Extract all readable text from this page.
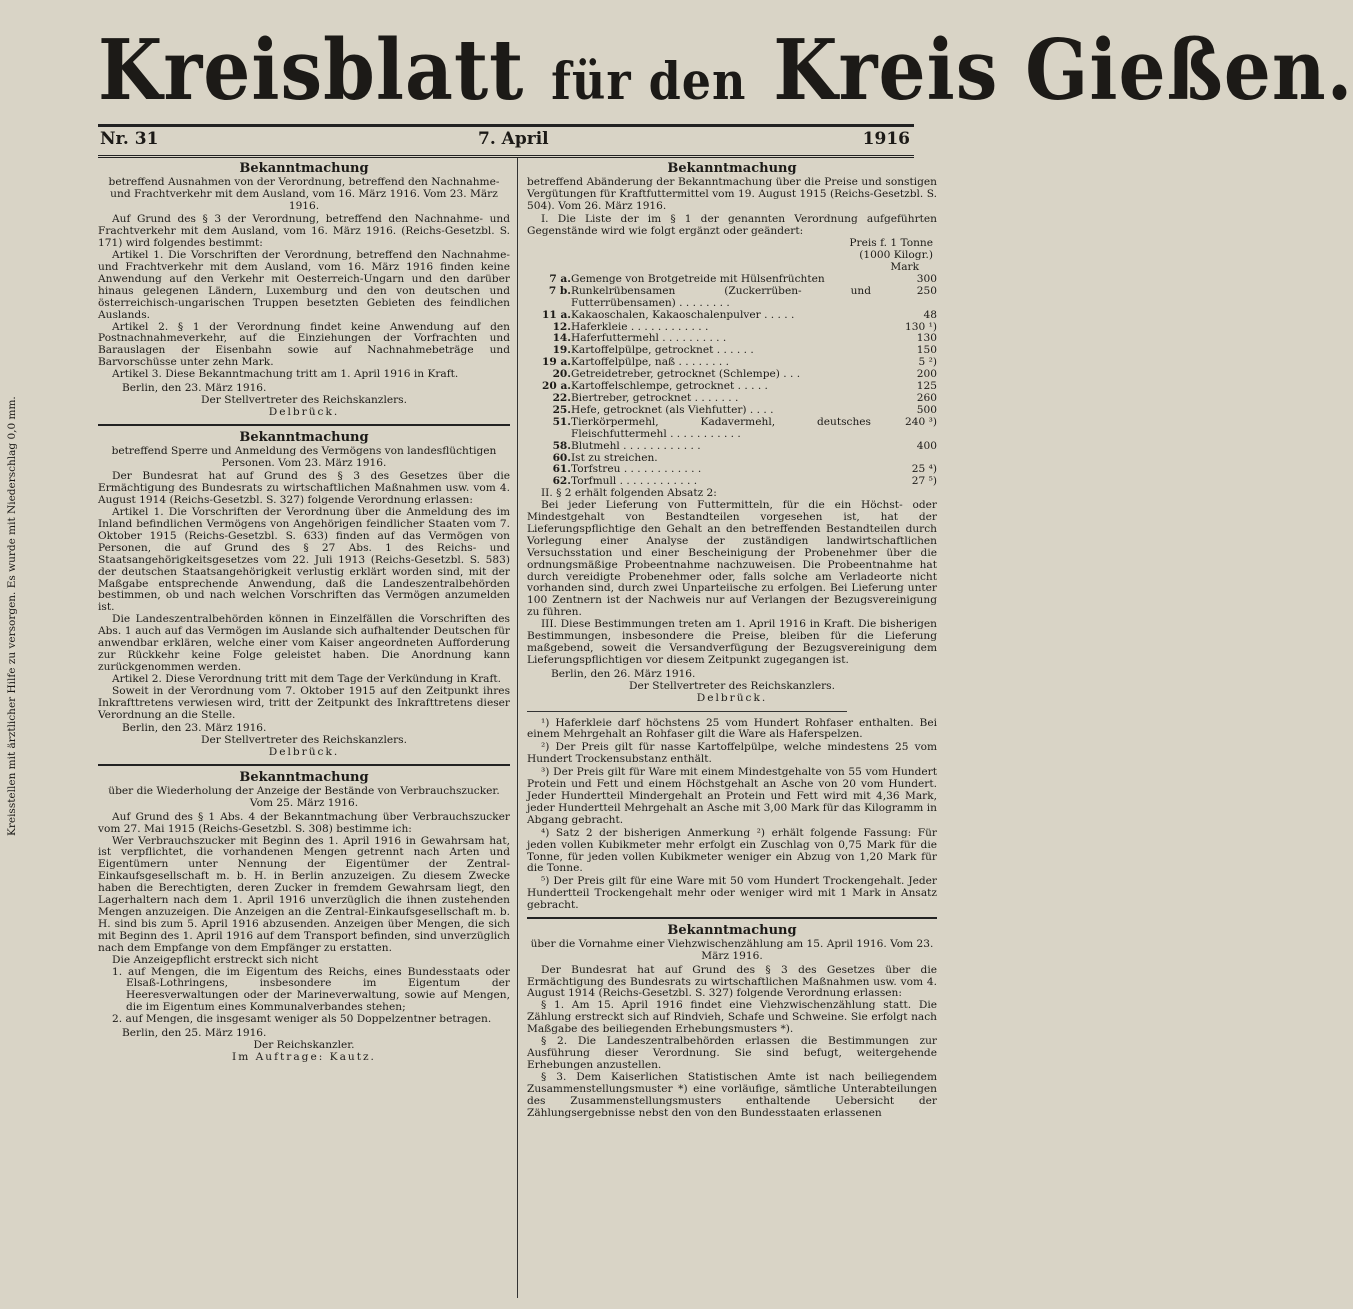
Kreisstellen mit ärztlicher Hilfe zu versorgen. Es wurde mit Niederschlag 0,0 mm.
Kreisblatt für den Kreis Gießen.
Nr. 31	7. April	1916
Bekanntmachung
betreffend Ausnahmen von der Verordnung, betreffend den Nachnahme- und Frachtverkehr mit dem Ausland, vom 16. März 1916. Vom 23. März 1916.

Auf Grund des § 3 der Verordnung, betreffend den Nachnahme- und Frachtverkehr mit dem Ausland, vom 16. März 1916. (Reichs-Gesetzbl. S. 171) wird folgendes bestimmt:

Artikel 1. Die Vorschriften der Verordnung, betreffend den Nachnahme- und Frachtverkehr mit dem Ausland, vom 16. März 1916 finden keine Anwendung auf den Verkehr mit Oesterreich-Ungarn und den darüber hinaus gelegenen Ländern, Luxemburg und den von deutschen und österreichisch-ungarischen Truppen besetzten Gebieten des feindlichen Auslands.

Artikel 2. § 1 der Verordnung findet keine Anwendung auf den Postnachnahmeverkehr, auf die Einziehungen der Vorfrachten und Barauslagen der Eisenbahn sowie auf Nachnahmebeträge und Barvorschüsse unter zehn Mark.

Artikel 3. Diese Bekanntmachung tritt am 1. April 1916 in Kraft.

Berlin, den 23. März 1916.

Der Stellvertreter des Reichskanzlers.

Delbrück.

Bekanntmachung
betreffend Sperre und Anmeldung des Vermögens von landesflüchtigen Personen. Vom 23. März 1916.

Der Bundesrat hat auf Grund des § 3 des Gesetzes über die Ermächtigung des Bundesrats zu wirtschaftlichen Maßnahmen usw. vom 4. August 1914 (Reichs-Gesetzbl. S. 327) folgende Verordnung erlassen:

Artikel 1. Die Vorschriften der Verordnung über die Anmeldung des im Inland befindlichen Vermögens von Angehörigen feindlicher Staaten vom 7. Oktober 1915 (Reichs-Gesetzbl. S. 633) finden auf das Vermögen von Personen, die auf Grund des § 27 Abs. 1 des Reichs- und Staatsangehörigkeitsgesetzes vom 22. Juli 1913 (Reichs-Gesetzbl. S. 583) der deutschen Staatsangehörigkeit verlustig erklärt worden sind, mit der Maßgabe entsprechende Anwendung, daß die Landeszentralbehörden bestimmen, ob und nach welchen Vorschriften das Vermögen anzumelden ist.

Die Landeszentralbehörden können in Einzelfällen die Vorschriften des Abs. 1 auch auf das Vermögen im Auslande sich aufhaltender Deutschen für anwendbar erklären, welche einer vom Kaiser angeordneten Aufforderung zur Rückkehr keine Folge geleistet haben. Die Anordnung kann zurückgenommen werden.

Artikel 2. Diese Verordnung tritt mit dem Tage der Verkündung in Kraft.

Soweit in der Verordnung vom 7. Oktober 1915 auf den Zeitpunkt ihres Inkrafttretens verwiesen wird, tritt der Zeitpunkt des Inkrafttretens dieser Verordnung an die Stelle.

Berlin, den 23. März 1916.

Der Stellvertreter des Reichskanzlers.

Delbrück.

Bekanntmachung
über die Wiederholung der Anzeige der Bestände von Verbrauchszucker. Vom 25. März 1916.

Auf Grund des § 1 Abs. 4 der Bekanntmachung über Verbrauchszucker vom 27. Mai 1915 (Reichs-Gesetzbl. S. 308) bestimme ich:

Wer Verbrauchszucker mit Beginn des 1. April 1916 in Gewahrsam hat, ist verpflichtet, die vorhandenen Mengen getrennt nach Arten und Eigentümern unter Nennung der Eigentümer der Zentral-Einkaufsgesellschaft m. b. H. in Berlin anzuzeigen. Zu diesem Zwecke haben die Berechtigten, deren Zucker in fremdem Gewahrsam liegt, den Lagerhaltern nach dem 1. April 1916 unverzüglich die ihnen zustehenden Mengen anzuzeigen. Die Anzeigen an die Zentral-Einkaufsgesellschaft m. b. H. sind bis zum 5. April 1916 abzusenden. Anzeigen über Mengen, die sich mit Beginn des 1. April 1916 auf dem Transport befinden, sind unverzüglich nach dem Empfange von dem Empfänger zu erstatten.

Die Anzeigepflicht erstreckt sich nicht

1. auf Mengen, die im Eigentum des Reichs, eines Bundesstaats oder Elsaß-Lothringens, insbesondere im Eigentum der Heeresverwaltungen oder der Marineverwaltung, sowie auf Mengen, die im Eigentum eines Kommunalverbandes stehen;

2. auf Mengen, die insgesamt weniger als 50 Doppelzentner betragen.

Berlin, den 25. März 1916.

Der Reichskanzler.

Im Auftrage: Kautz.

Bekanntmachung
betreffend Abänderung der Bekanntmachung über die Preise und sonstigen Vergütungen für Kraftfuttermittel vom 19. August 1915 (Reichs-Gesetzbl. S. 504). Vom 26. März 1916.

I. Die Liste der im § 1 der genannten Verordnung aufgeführten Gegenstände wird wie folgt ergänzt oder geändert:

Preis f. 1 Tonne

(1000 Kilogr.)

Mark

7 a.	Gemenge von Brotgetreide mit Hülsenfrüchten	300
7 b.	Runkelrübensamen (Zuckerrüben- und Futterrübensamen) . . . . . . . .	250
11 a.	Kakaoschalen, Kakaoschalenpulver . . . . .	48
12.	Haferkleie . . . . . . . . . . . .	130 ¹)
14.	Haferfuttermehl . . . . . . . . . .	130
19.	Kartoffelpülpe, getrocknet . . . . . .	150
19 a.	Kartoffelpülpe, naß . . . . . . . .	5 ²)
20.	Getreidetreber, getrocknet (Schlempe) . . .	200
20 a.	Kartoffelschlempe, getrocknet . . . . .	125
22.	Biertreber, getrocknet . . . . . . .	260
25.	Hefe, getrocknet (als Viehfutter) . . . .	500
51.	Tierkörpermehl, Kadavermehl, deutsches Fleischfuttermehl . . . . . . . . . . .	240 ³)
58.	Blutmehl . . . . . . . . . . . .	400
60.	Ist zu streichen.	
61.	Torfstreu . . . . . . . . . . . .	25 ⁴)
62.	Torfmull . . . . . . . . . . . .	27 ⁵)

II. § 2 erhält folgenden Absatz 2:

Bei jeder Lieferung von Futtermitteln, für die ein Höchst- oder Mindestgehalt von Bestandteilen vorgesehen ist, hat der Lieferungspflichtige den Gehalt an den betreffenden Bestandteilen durch Vorlegung einer Analyse der zuständigen landwirtschaftlichen Versuchsstation und einer Bescheinigung der Probenehmer über die ordnungsmäßige Probeentnahme nachzuweisen. Die Probeentnahme hat durch vereidigte Probenehmer oder, falls solche am Verladeorte nicht vorhanden sind, durch zwei Unparteiische zu erfolgen. Bei Lieferung unter 100 Zentnern ist der Nachweis nur auf Verlangen der Bezugsvereinigung zu führen.

III. Diese Bestimmungen treten am 1. April 1916 in Kraft. Die bisherigen Bestimmungen, insbesondere die Preise, bleiben für die Lieferung maßgebend, soweit die Versandverfügung der Bezugsvereinigung dem Lieferungspflichtigen vor diesem Zeitpunkt zugegangen ist.

Berlin, den 26. März 1916.

Der Stellvertreter des Reichskanzlers.

Delbrück.

¹) Haferkleie darf höchstens 25 vom Hundert Rohfaser enthalten. Bei einem Mehrgehalt an Rohfaser gilt die Ware als Haferspelzen.

²) Der Preis gilt für nasse Kartoffelpülpe, welche mindestens 25 vom Hundert Trockensubstanz enthält.

³) Der Preis gilt für Ware mit einem Mindestgehalte von 55 vom Hundert Protein und Fett und einem Höchstgehalt an Asche von 20 vom Hundert. Jeder Hundertteil Mindergehalt an Protein und Fett wird mit 4,36 Mark, jeder Hundertteil Mehrgehalt an Asche mit 3,00 Mark für das Kilogramm in Abgang gebracht.

⁴) Satz 2 der bisherigen Anmerkung ²) erhält folgende Fassung: Für jeden vollen Kubikmeter mehr erfolgt ein Zuschlag von 0,75 Mark für die Tonne, für jeden vollen Kubikmeter weniger ein Abzug von 1,20 Mark für die Tonne.

⁵) Der Preis gilt für eine Ware mit 50 vom Hundert Trockengehalt. Jeder Hundertteil Trockengehalt mehr oder weniger wird mit 1 Mark in Ansatz gebracht.

Bekanntmachung
über die Vornahme einer Viehzwischenzählung am 15. April 1916. Vom 23. März 1916.

Der Bundesrat hat auf Grund des § 3 des Gesetzes über die Ermächtigung des Bundesrats zu wirtschaftlichen Maßnahmen usw. vom 4. August 1914 (Reichs-Gesetzbl. S. 327) folgende Verordnung erlassen:

§ 1. Am 15. April 1916 findet eine Viehzwischenzählung statt. Die Zählung erstreckt sich auf Rindvieh, Schafe und Schweine. Sie erfolgt nach Maßgabe des beiliegenden Erhebungsmusters *).

§ 2. Die Landeszentralbehörden erlassen die Bestimmungen zur Ausführung dieser Verordnung. Sie sind befugt, weitergehende Erhebungen anzustellen.

§ 3. Dem Kaiserlichen Statistischen Amte ist nach beiliegendem Zusammenstellungsmuster *) eine vorläufige, sämtliche Unterabteilungen des Zusammenstellungsmusters enthaltende Uebersicht der Zählungsergebnisse nebst den von den Bundesstaaten erlassenen
